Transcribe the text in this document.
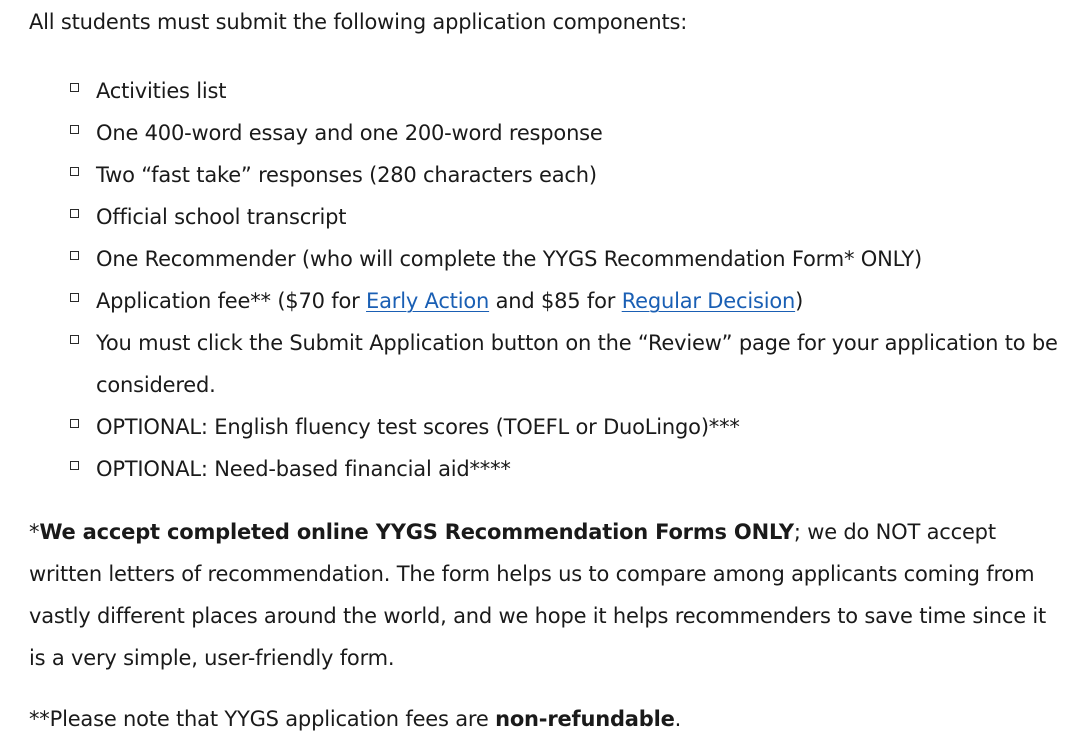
All students must submit the following application components:

Activities list
One 400-word essay and one 200-word response
Two “fast take” responses (280 characters each)
Official school transcript
One Recommender (who will complete the YYGS Recommendation Form* ONLY)
Application fee** ($70 for Early Action and $85 for Regular Decision)
You must click the Submit Application button on the “Review” page for your application to be considered.
OPTIONAL: English fluency test scores (TOEFL or DuoLingo)***
OPTIONAL: Need-based financial aid****

*We accept completed online YYGS Recommendation Forms ONLY; we do NOT accept written letters of recommendation. The form helps us to compare among applicants coming from vastly different places around the world, and we hope it helps recommenders to save time since it is a very simple, user-friendly form.

**Please note that YYGS application fees are non-refundable.
